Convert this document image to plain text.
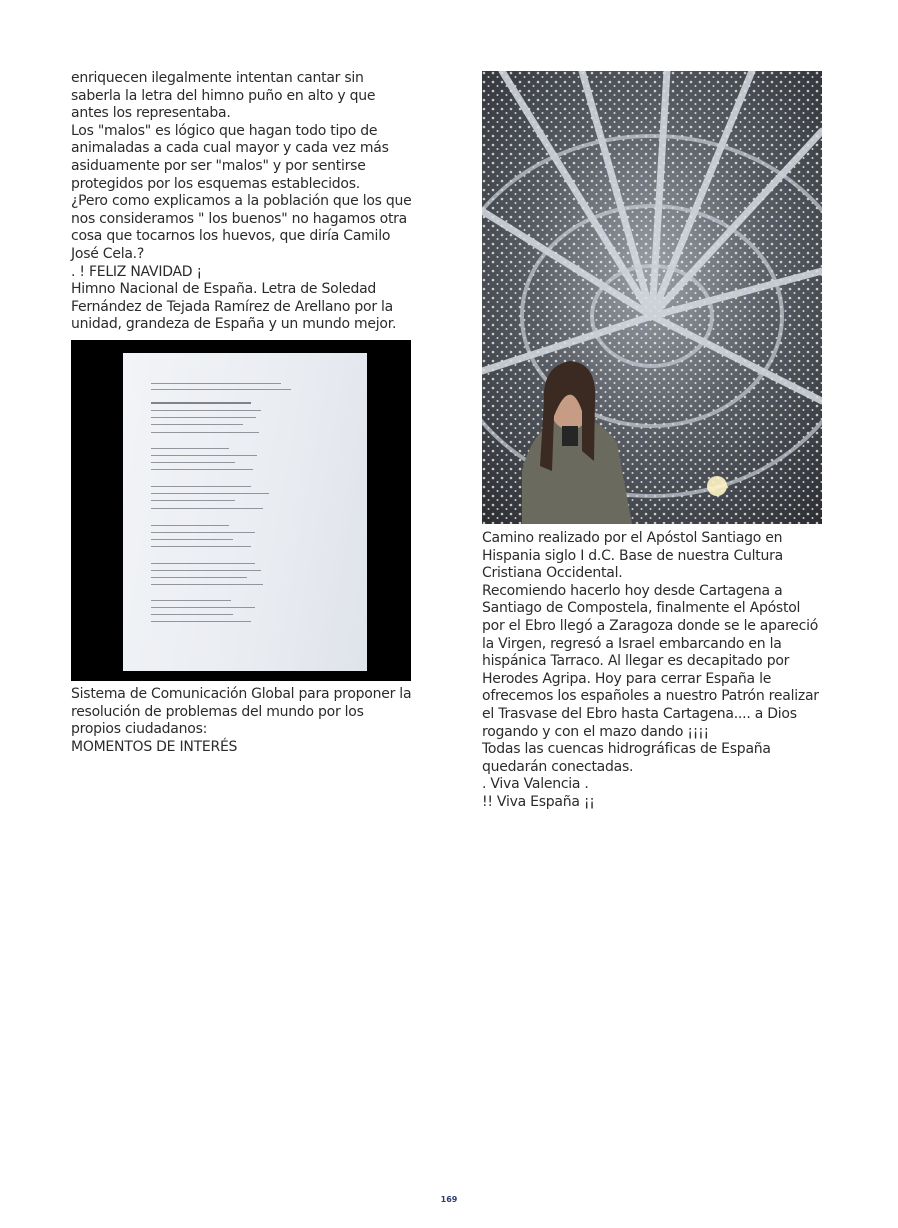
enriquecen ilegalmente intentan cantar sin saberla la letra del himno puño en alto y que antes los representaba.

Los "malos" es lógico que hagan todo tipo de animaladas a cada cual mayor y cada vez más asiduamente por ser "malos" y por sentirse protegidos por los esquemas establecidos.

¿Pero como explicamos a la población que los que nos consideramos " los buenos" no hagamos otra cosa que tocarnos los huevos, que diría Camilo José Cela.?

. ! FELIZ NAVIDAD ¡

Himno Nacional de España. Letra de Soledad Fernández de Tejada Ramírez de Arellano por la unidad, grandeza de España y un mundo mejor.

Sistema de Comunicación Global para proponer la resolución de problemas del mundo por los propios ciudadanos:

MOMENTOS DE INTERÉS

Camino realizado por el Apóstol Santiago en Hispania siglo I d.C. Base de nuestra Cultura Cristiana Occidental.

Recomiendo hacerlo hoy desde Cartagena a Santiago de Compostela, finalmente el Apóstol por el Ebro llegó a Zaragoza donde se le apareció la Virgen, regresó a Israel embarcando en la hispánica Tarraco. Al llegar es decapitado por Herodes Agripa. Hoy para cerrar España le ofrecemos los españoles a nuestro Patrón realizar el Trasvase del Ebro hasta Cartagena.... a Dios rogando y con el mazo dando ¡¡¡¡

Todas las cuencas hidrográficas de España quedarán conectadas.

. Viva Valencia .

!! Viva España ¡¡

169
